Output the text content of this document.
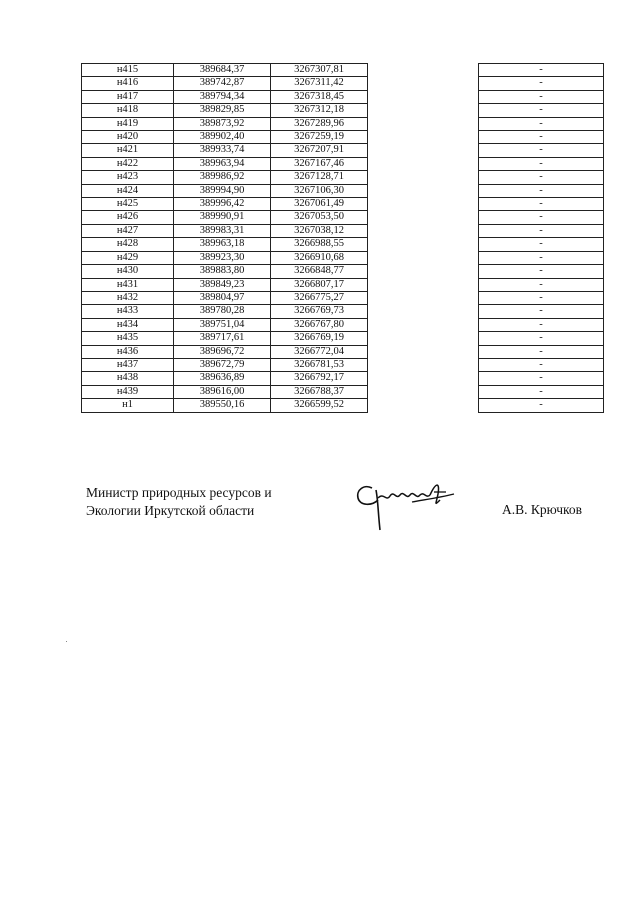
н415	389684,37	3267307,81		-
н416	389742,87	3267311,42		-
н417	389794,34	3267318,45		-
н418	389829,85	3267312,18		-
н419	389873,92	3267289,96		-
н420	389902,40	3267259,19		-
н421	389933,74	3267207,91		-
н422	389963,94	3267167,46		-
н423	389986,92	3267128,71		-
н424	389994,90	3267106,30		-
н425	389996,42	3267061,49		-
н426	389990,91	3267053,50		-
н427	389983,31	3267038,12		-
н428	389963,18	3266988,55		-
н429	389923,30	3266910,68		-
н430	389883,80	3266848,77		-
н431	389849,23	3266807,17		-
н432	389804,97	3266775,27		-
н433	389780,28	3266769,73		-
н434	389751,04	3266767,80		-
н435	389717,61	3266769,19		-
н436	389696,72	3266772,04		-
н437	389672,79	3266781,53		-
н438	389636,89	3266792,17		-
н439	389616,00	3266788,37		-
н1	389550,16	3266599,52		-
Министр природных ресурсов и
Экологии Иркутской области	А.В. Крючков
